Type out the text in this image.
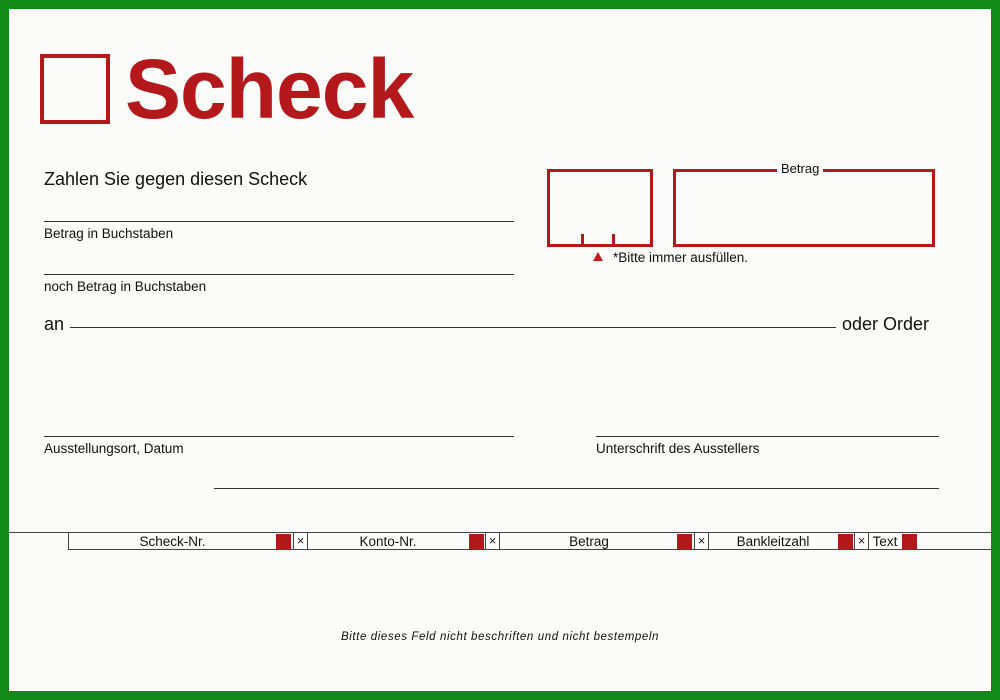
Scheck
Zahlen Sie gegen diesen Scheck
Betrag in Buchstaben
noch Betrag in Buchstaben
an	oder Order
Betrag
*Bitte immer ausfüllen.
Ausstellungsort, Datum	Unterschrift des Ausstellers
Scheck-Nr.	×	Konto-Nr.	×	Betrag	×	Bankleitzahl	× Text
Bitte dieses Feld nicht beschriften und nicht bestempeln
